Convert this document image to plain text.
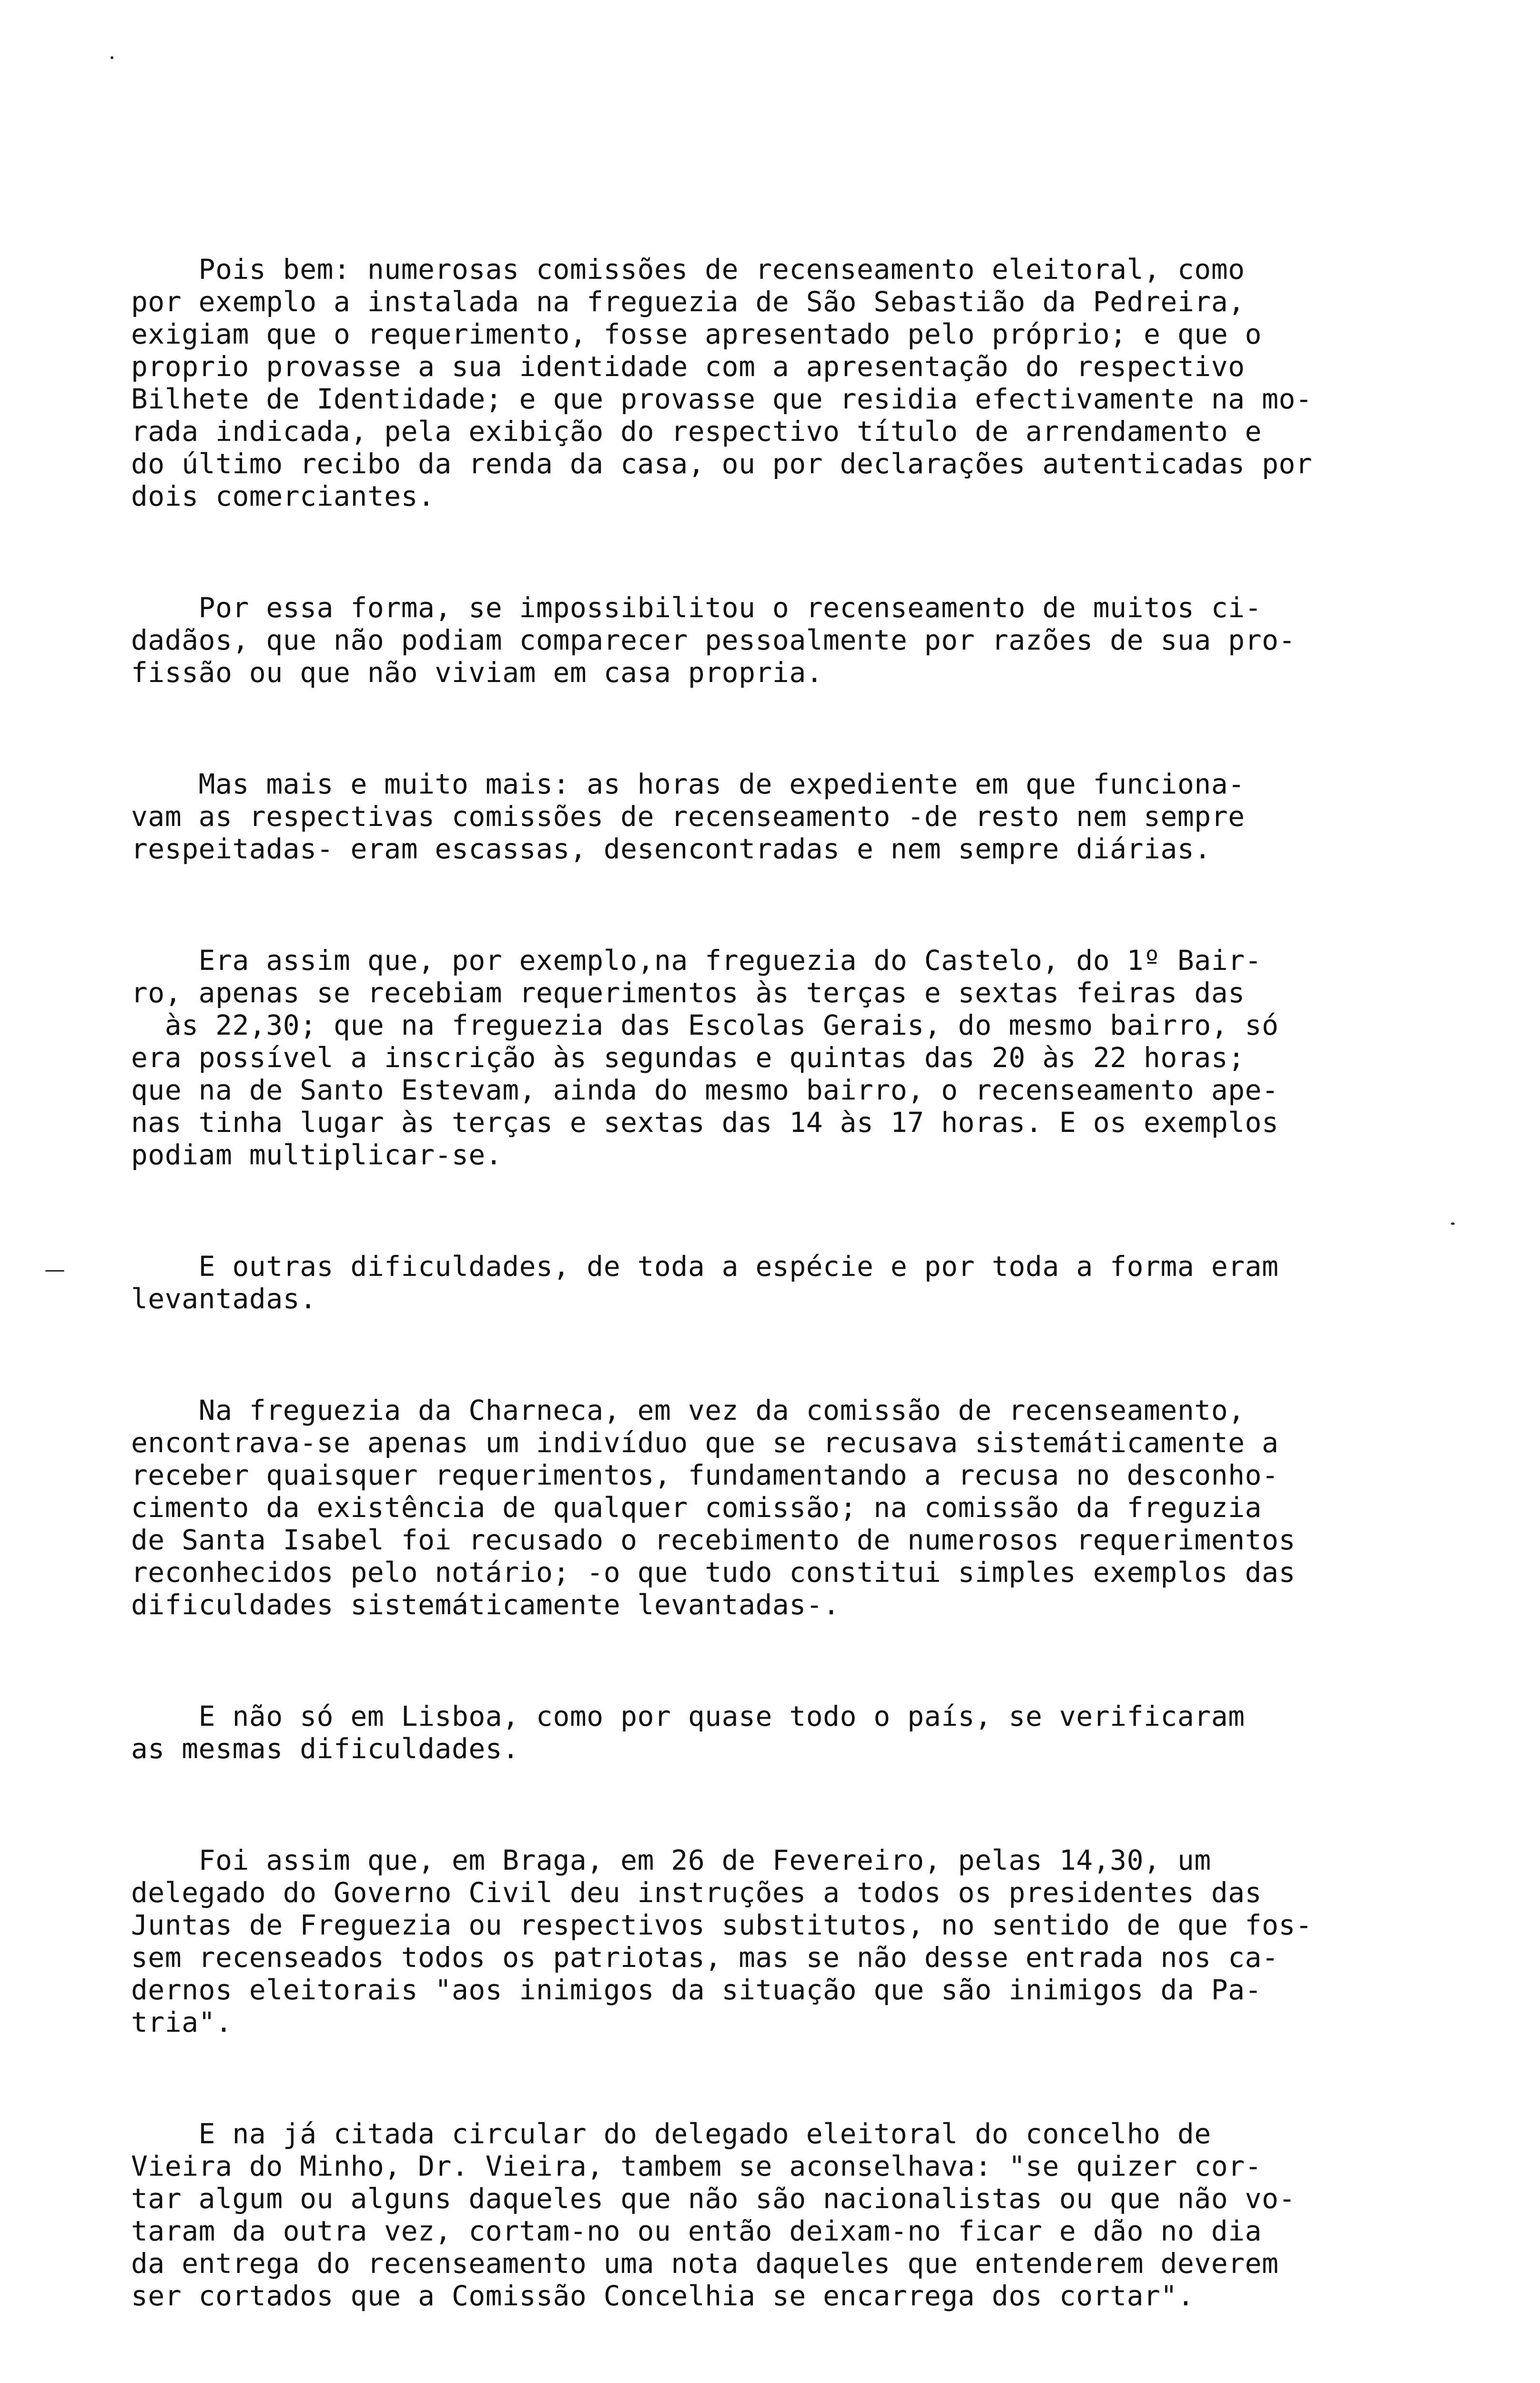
Pois bem: numerosas comissões de recenseamento eleitoral, como
por exemplo a instalada na freguezia de São Sebastião da Pedreira,
exigiam que o requerimento, fosse apresentado pelo próprio; e que o
proprio provasse a sua identidade com a apresentação do respectivo
Bilhete de Identidade; e que provasse que residia efectivamente na mo-
rada indicada, pela exibição do respectivo título de arrendamento e
do último recibo da renda da casa, ou por declarações autenticadas por
dois comerciantes.

Por essa forma, se impossibilitou o recenseamento de muitos ci-
dadãos, que não podiam comparecer pessoalmente por razões de sua pro-
fissão ou que não viviam em casa propria.

Mas mais e muito mais: as horas de expediente em que funciona-
vam as respectivas comissões de recenseamento -de resto nem sempre
respeitadas- eram escassas, desencontradas e nem sempre diárias.

Era assim que, por exemplo,na freguezia do Castelo, do 1º Bair-
ro, apenas se recebiam requerimentos às terças e sextas feiras das
às 22,30; que na freguezia das Escolas Gerais, do mesmo bairro, só
era possível a inscrição às segundas e quintas das 20 às 22 horas;
que na de Santo Estevam, ainda do mesmo bairro, o recenseamento ape-
nas tinha lugar às terças e sextas das 14 às 17 horas. E os exemplos
podiam multiplicar-se.

E outras dificuldades, de toda a espécie e por toda a forma eram
levantadas.

Na freguezia da Charneca, em vez da comissão de recenseamento,
encontrava-se apenas um indivíduo que se recusava sistemáticamente a
receber quaisquer requerimentos, fundamentando a recusa no desconho-
cimento da existência de qualquer comissão; na comissão da freguzia
de Santa Isabel foi recusado o recebimento de numerosos requerimentos
reconhecidos pelo notário; -o que tudo constitui simples exemplos das
dificuldades sistemáticamente levantadas-.

E não só em Lisboa, como por quase todo o país, se verificaram
as mesmas dificuldades.

Foi assim que, em Braga, em 26 de Fevereiro, pelas 14,30, um
delegado do Governo Civil deu instruções a todos os presidentes das
Juntas de Freguezia ou respectivos substitutos, no sentido de que fos-
sem recenseados todos os patriotas, mas se não desse entrada nos ca-
dernos eleitorais "aos inimigos da situação que são inimigos da Pa-
tria".

E na já citada circular do delegado eleitoral do concelho de
Vieira do Minho, Dr. Vieira, tambem se aconselhava: "se quizer cor-
tar algum ou alguns daqueles que não são nacionalistas ou que não vo-
taram da outra vez, cortam-no ou então deixam-no ficar e dão no dia
da entrega do recenseamento uma nota daqueles que entenderem deverem
ser cortados que a Comissão Concelhia se encarrega dos cortar".
